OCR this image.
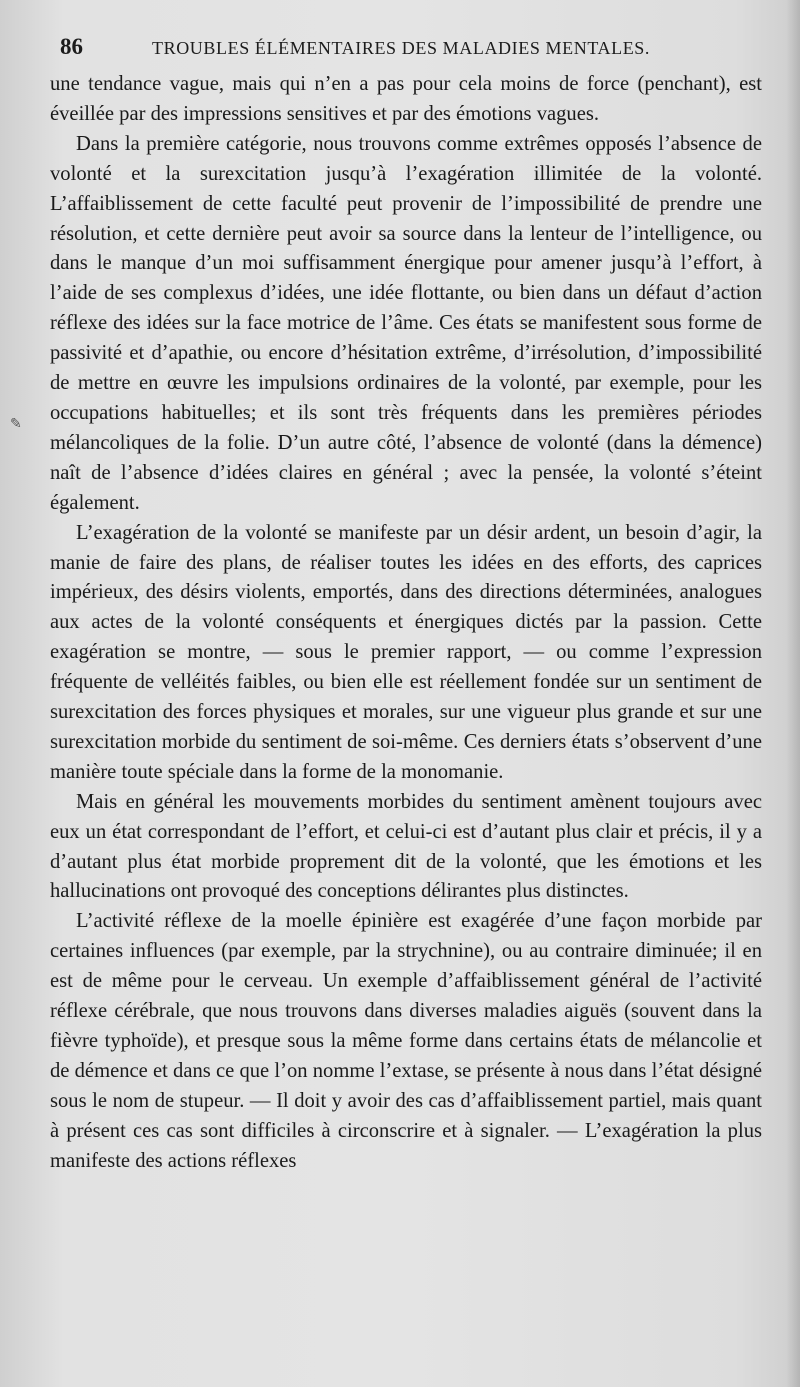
86	TROUBLES ÉLÉMENTAIRES DES MALADIES MENTALES.

une tendance vague, mais qui n’en a pas pour cela moins de force (penchant), est éveillée par des impressions sensitives et par des émotions vagues.

Dans la première catégorie, nous trouvons comme extrêmes opposés l’absence de volonté et la surexcitation jusqu’à l’exagération illimitée de la volonté. L’affaiblissement de cette faculté peut provenir de l’impossibilité de prendre une résolution, et cette dernière peut avoir sa source dans la lenteur de l’intelligence, ou dans le manque d’un moi suffisamment énergique pour amener jusqu’à l’effort, à l’aide de ses complexus d’idées, une idée flottante, ou bien dans un défaut d’action réflexe des idées sur la face motrice de l’âme. Ces états se manifestent sous forme de passivité et d’apathie, ou encore d’hésitation extrême, d’irrésolution, d’impossibilité de mettre en œuvre les impulsions ordinaires de la volonté, par exemple, pour les occupations habituelles; et ils sont très fréquents dans les premières périodes mélancoliques de la folie. D’un autre côté, l’absence de volonté (dans la démence) naît de l’absence d’idées claires en général ; avec la pensée, la volonté s’éteint également.

L’exagération de la volonté se manifeste par un désir ardent, un besoin d’agir, la manie de faire des plans, de réaliser toutes les idées en des efforts, des caprices impérieux, des désirs violents, emportés, dans des directions déterminées, analogues aux actes de la volonté conséquents et énergiques dictés par la passion. Cette exagération se montre, — sous le premier rapport, — ou comme l’expression fréquente de velléités faibles, ou bien elle est réellement fondée sur un sentiment de surexcitation des forces physiques et morales, sur une vigueur plus grande et sur une surexcitation morbide du sentiment de soi-même. Ces derniers états s’observent d’une manière toute spéciale dans la forme de la monomanie.

Mais en général les mouvements morbides du sentiment amènent toujours avec eux un état correspondant de l’effort, et celui-ci est d’autant plus clair et précis, il y a d’autant plus état morbide proprement dit de la volonté, que les émotions et les hallucinations ont provoqué des conceptions délirantes plus distinctes.

L’activité réflexe de la moelle épinière est exagérée d’une façon morbide par certaines influences (par exemple, par la strychnine), ou au contraire diminuée; il en est de même pour le cerveau. Un exemple d’affaiblissement général de l’activité réflexe cérébrale, que nous trouvons dans diverses maladies aiguës (souvent dans la fièvre typhoïde), et presque sous la même forme dans certains états de mélancolie et de démence et dans ce que l’on nomme l’extase, se présente à nous dans l’état désigné sous le nom de stupeur. — Il doit y avoir des cas d’affaiblissement partiel, mais quant à présent ces cas sont difficiles à circonscrire et à signaler. — L’exagération la plus manifeste des actions réflexes

✎
